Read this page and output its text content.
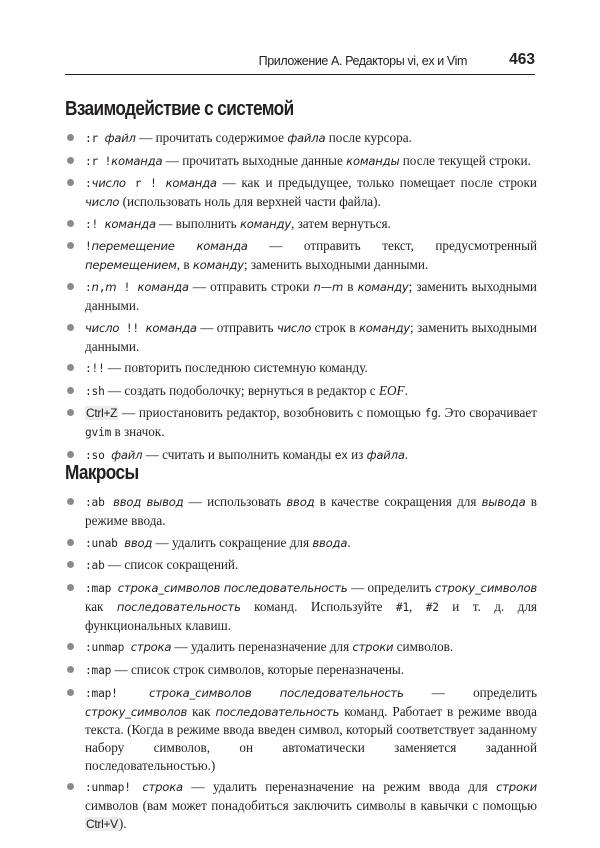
Приложение А. Редакторы vi, ex и Vim	463
Взаимодействие с системой
:r файл — прочитать содержимое файла после курсора.
:r !команда — прочитать выходные данные команды после текущей строки.
:число r ! команда — как и предыдущее, только помещает после строки число (использовать ноль для верхней части файла).
:! команда — выполнить команду, затем вернуться.
!перемещение команда — отправить текст, предусмотренный перемещением, в команду; заменить выходными данными.
:n,m ! команда — отправить строки n—m в команду; заменить выходными данными.
число !! команда — отправить число строк в команду; заменить выходными данными.
:!! — повторить последнюю системную команду.
:sh — создать подоболочку; вернуться в редактор с EOF.
Ctrl+Z — приостановить редактор, возобновить с помощью fg. Это сворачивает gvim в значок.
:so файл — считать и выполнить команды ex из файла.
Макросы
:ab ввод вывод — использовать ввод в качестве сокращения для вывода в режиме ввода.
:unab ввод — удалить сокращение для ввода.
:ab — список сокращений.
:map строка_символов последовательность — определить строку_символов как последовательность команд. Используйте #1, #2 и т. д. для функциональных клавиш.
:unmap строка — удалить переназначение для строки символов.
:map — список строк символов, которые переназначены.
:map! строка_символов последовательность — определить строку_символов как последовательность команд. Работает в режиме ввода текста. (Когда в режиме ввода введен символ, который соответствует заданному набору символов, он автоматически заменяется заданной последовательностью.)
:unmap! строка — удалить переназначение на режим ввода для строки символов (вам может понадобиться заключить символы в кавычки с помощью Ctrl+V).
